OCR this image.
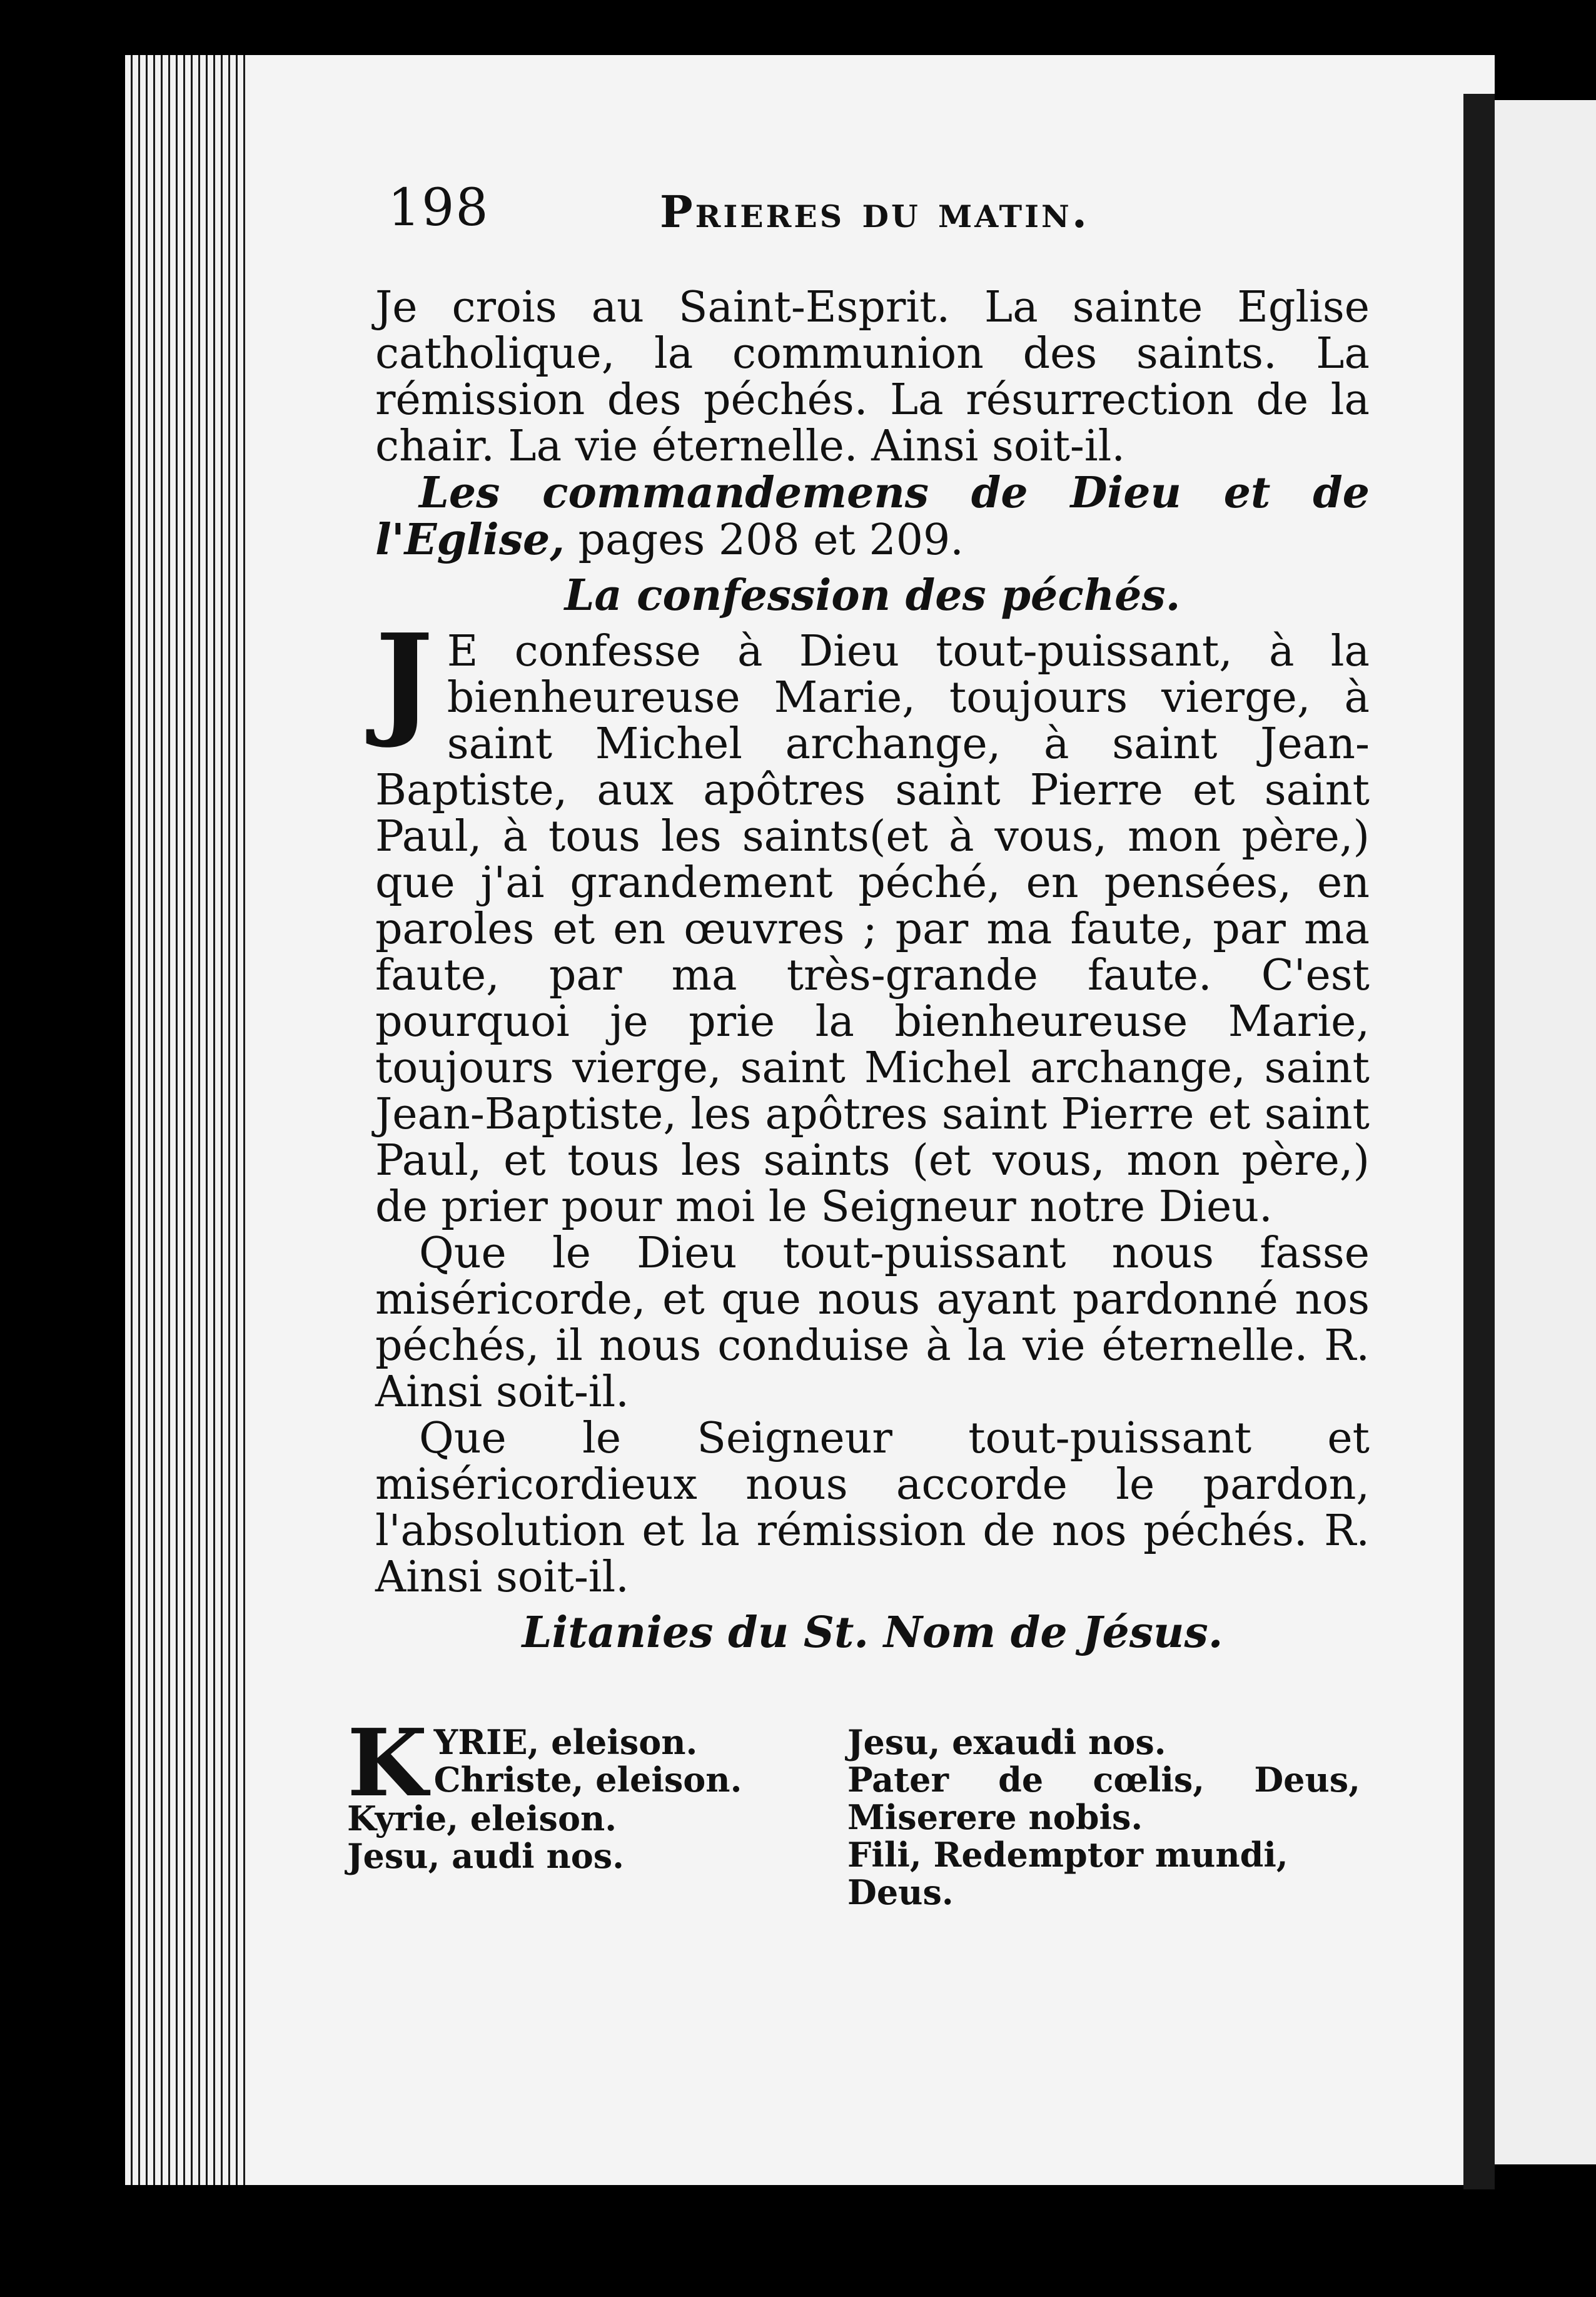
198	Prieres du matin.

Je crois au Saint-Esprit. La sainte Eglise catholique, la communion des saints. La rémission des péchés. La résurrection de la chair. La vie éternelle. Ainsi soit-il.

Les commandemens de Dieu et de l'Eglise, pages 208 et 209.

La confession des péchés.

J E confesse à Dieu tout-puissant, à la bienheureuse Marie, toujours vierge, à saint Michel archange, à saint Jean-Baptiste, aux apôtres saint Pierre et saint Paul, à tous les saints(et à vous, mon père,) que j'ai grandement péché, en pensées, en paroles et en œuvres ; par ma faute, par ma faute, par ma très-grande faute. C'est pourquoi je prie la bienheureuse Marie, toujours vierge, saint Michel archange, saint Jean-Baptiste, les apôtres saint Pierre et saint Paul, et tous les saints (et vous, mon père,) de prier pour moi le Seigneur notre Dieu.

Que le Dieu tout-puissant nous fasse miséricorde, et que nous ayant pardonné nos péchés, il nous conduise à la vie éternelle. R. Ainsi soit-il.

Que le Seigneur tout-puissant et miséricordieux nous accorde le pardon, l'absolution et la rémission de nos péchés. R. Ainsi soit-il.

Litanies du St. Nom de Jésus.
K YRIE, eleison.
Christe, eleison.
Kyrie, eleison.
Jesu, audi nos.
Jesu, exaudi nos.
Pater de cœlis, Deus, Miserere nobis.
Fili, Redemptor mundi, Deus.
